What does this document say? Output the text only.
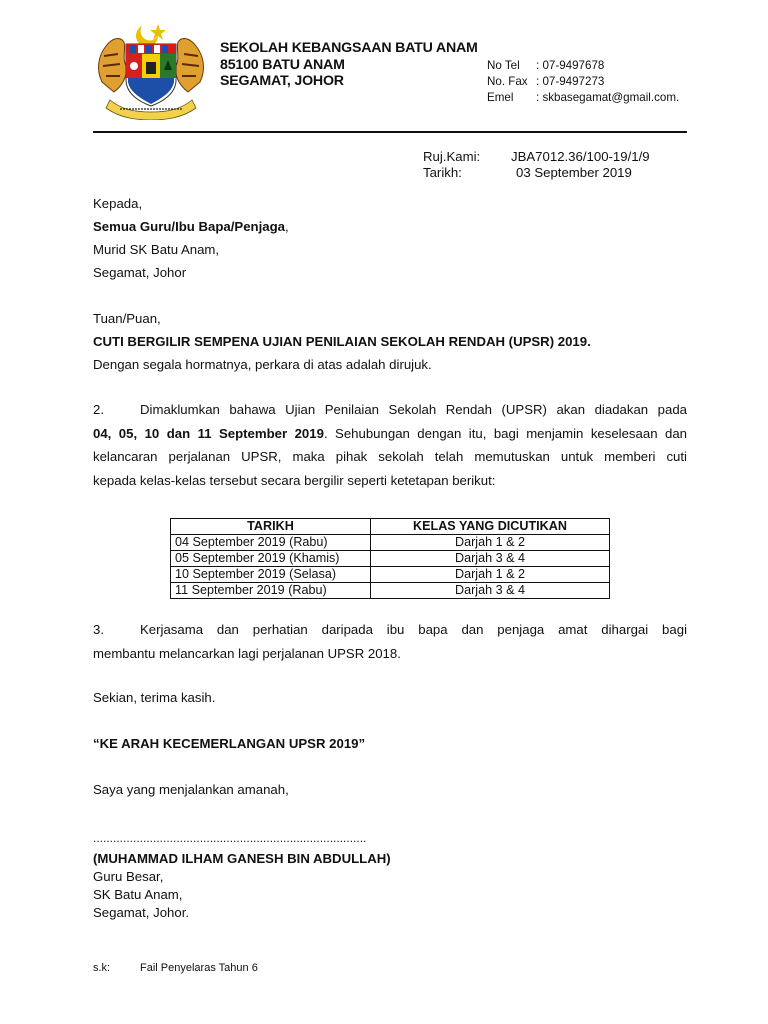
SEKOLAH KEBANGSAAN BATU ANAM
85100 BATU ANAM
SEGAMAT, JOHOR
No Tel	: 07-9497678
No. Fax : 07-9497273
Emel	: skbasegamat@gmail.com.
Ruj.Kami:	JBA7012.36/100-19/1/9
Tarikh:	03 September 2019
Kepada,
Semua Guru/Ibu Bapa/Penjaga,
Murid SK Batu Anam,
Segamat, Johor
Tuan/Puan,
CUTI BERGILIR SEMPENA UJIAN PENILAIAN SEKOLAH RENDAH (UPSR) 2019.
Dengan segala hormatnya, perkara di atas adalah dirujuk.
2.	Dimaklumkan bahawa Ujian Penilaian Sekolah Rendah (UPSR) akan diadakan pada
04, 05, 10 dan 11 September 2019. Sehubungan dengan itu, bagi menjamin keselesaan dan
kelancaran perjalanan UPSR, maka pihak sekolah telah memutuskan untuk memberi cuti
kepada kelas-kelas tersebut secara bergilir seperti ketetapan berikut:
TARIKH	KELAS YANG DICUTIKAN
04 September 2019 (Rabu)	Darjah 1 & 2
05 September 2019 (Khamis)	Darjah 3 & 4
10 September 2019 (Selasa)	Darjah 1 & 2
11 September 2019 (Rabu)	Darjah 3 & 4
3.	Kerjasama dan perhatian daripada ibu bapa dan penjaga amat dihargai bagi
membantu melancarkan lagi perjalanan UPSR 2018.
Sekian, terima kasih.
“KE ARAH KECEMERLANGAN UPSR 2019”
Saya yang menjalankan amanah,
..................................................................................
(MUHAMMAD ILHAM GANESH BIN ABDULLAH)
Guru Besar,
SK Batu Anam,
Segamat, Johor.
s.k:	Fail Penyelaras Tahun 6
